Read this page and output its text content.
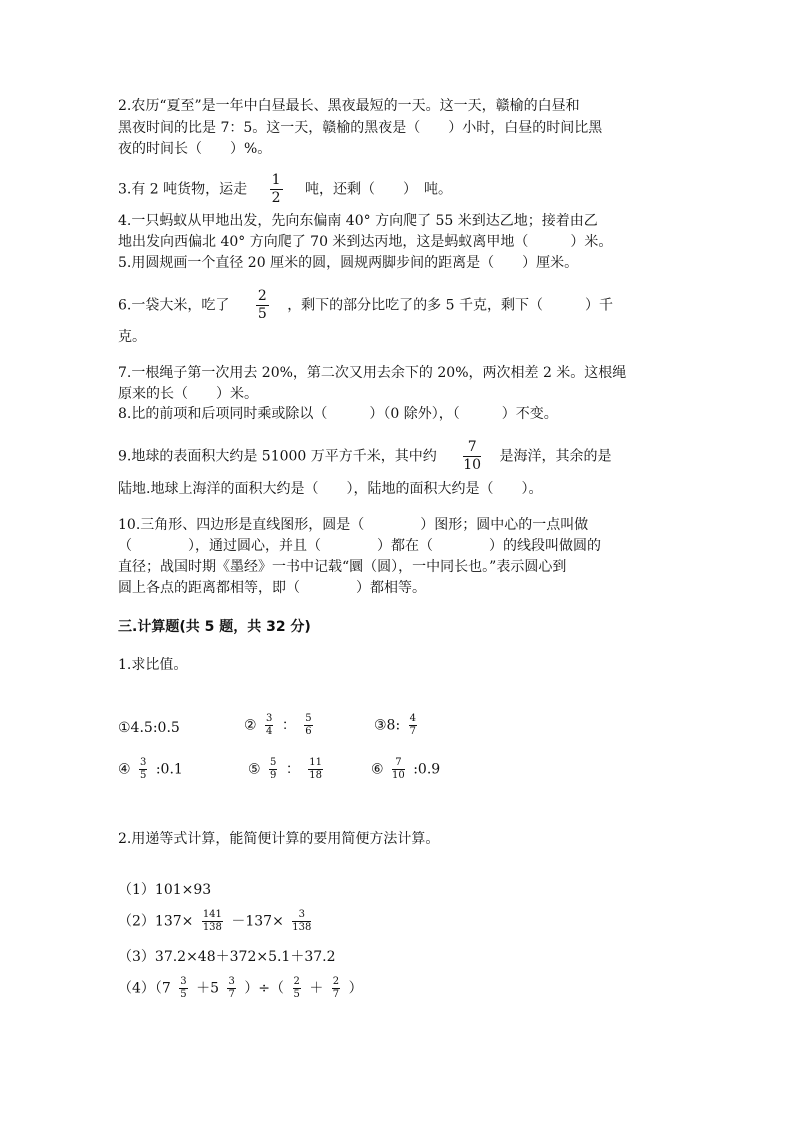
2.农历“夏至”是一年中白昼最长、黑夜最短的一天。这一天，赣榆的白昼和
黑夜时间的比是 7：5。这一天，赣榆的黑夜是（　　）小时，白昼的时间比黑
夜的时间长（　　）%。
3.有 2 吨货物，运走 $\frac{1}{2}$ 吨，还剩（　　）　吨。
4.一只蚂蚁从甲地出发，先向东偏南 40° 方向爬了 55 米到达乙地；接着由乙
地出发向西偏北 40° 方向爬了 70 米到达丙地，这是蚂蚁离甲地（　　　）米。
5.用圆规画一个直径 20 厘米的圆，圆规两脚步间的距离是（　　）厘米。
6.一袋大米，吃了 $\frac{2}{5}$ ，剩下的部分比吃了的多 5 千克，剩下（　　　）千
克。
7.一根绳子第一次用去 20%，第二次又用去余下的 20%，两次相差 2 米。这根绳
原来的长（　　）米。
8.比的前项和后项同时乘或除以（　　　）（0 除外），（　　　）不变。
9.地球的表面积大约是 51000 万平方千米，其中约 $\frac{7}{10}$ 是海洋，其余的是
陆地.地球上海洋的面积大约是（　　），陆地的面积大约是（　　）。
10.三角形、四边形是直线图形，圆是（　　　　）图形；圆中心的一点叫做
（　　　　），通过圆心，并且（　　　　）都在（　　　　）的线段叫做圆的
直径；战国时期《墨经》一书中记载“圜（圆），一中同长也。”表示圆心到
圆上各点的距离都相等，即（　　　　）都相等。
三.计算题(共 5 题，共 32 分)
1.求比值。
①4.5:0.5	② $\frac{3}{4}$ ： $\frac{5}{6}$	③8: $\frac{4}{7}$
④ $\frac{3}{5}$ :0.1	⑤ $\frac{5}{9}$ ： $\frac{11}{18}$	⑥ $\frac{7}{10}$ :0.9
2.用递等式计算，能简便计算的要用简便方法计算。
（1）101×93
$(2)137\times \frac{141}{138} -137\times \frac{3}{138}$
（3）37.2×48＋372×5.1＋37.2
$(4)(7 \frac{3}{5} +5 \frac{3}{7}$ ）÷（ $\frac{2}{5} + \frac{2}{7}$ ）
